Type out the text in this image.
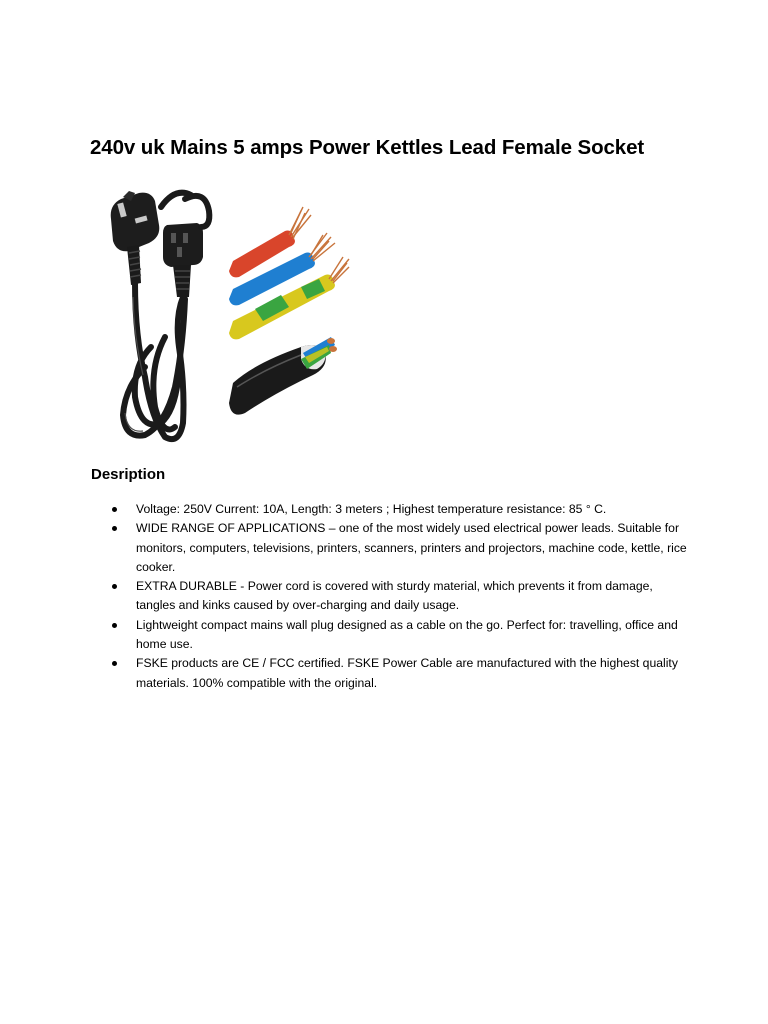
240v uk Mains 5 amps Power Kettles Lead Female Socket
Desription
Voltage: 250V Current: 10A, Length: 3 meters ; Highest temperature resistance: 85 ° C.
WIDE RANGE OF APPLICATIONS – one of the most widely used electrical power leads. Suitable for monitors, computers, televisions, printers, scanners, printers and projectors, machine code, kettle, rice cooker.
EXTRA DURABLE - Power cord is covered with sturdy material, which prevents it from damage, tangles and kinks caused by over-charging and daily usage.
Lightweight compact mains wall plug designed as a cable on the go. Perfect for: travelling, office and home use.
FSKE products are CE / FCC certified. FSKE Power Cable are manufactured with the highest quality materials. 100% compatible with the original.
